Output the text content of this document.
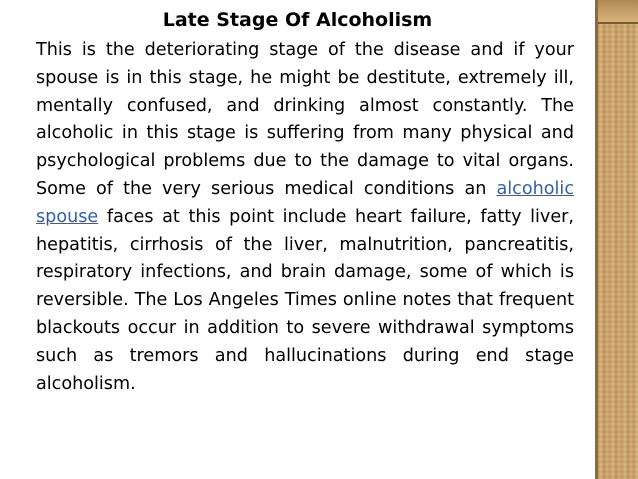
Late Stage Of Alcoholism
This is the deteriorating stage of the disease and if your spouse is in this stage, he might be destitute, extremely ill, mentally confused, and drinking almost constantly. The alcoholic in this stage is suffering from many physical and psychological problems due to the damage to vital organs. Some of the very serious medical conditions an alcoholic spouse faces at this point include heart failure, fatty liver, hepatitis, cirrhosis of the liver, malnutrition, pancreatitis, respiratory infections, and brain damage, some of which is reversible. The Los Angeles Times online notes that frequent blackouts occur in addition to severe withdrawal symptoms such as tremors and hallucinations during end stage alcoholism.
